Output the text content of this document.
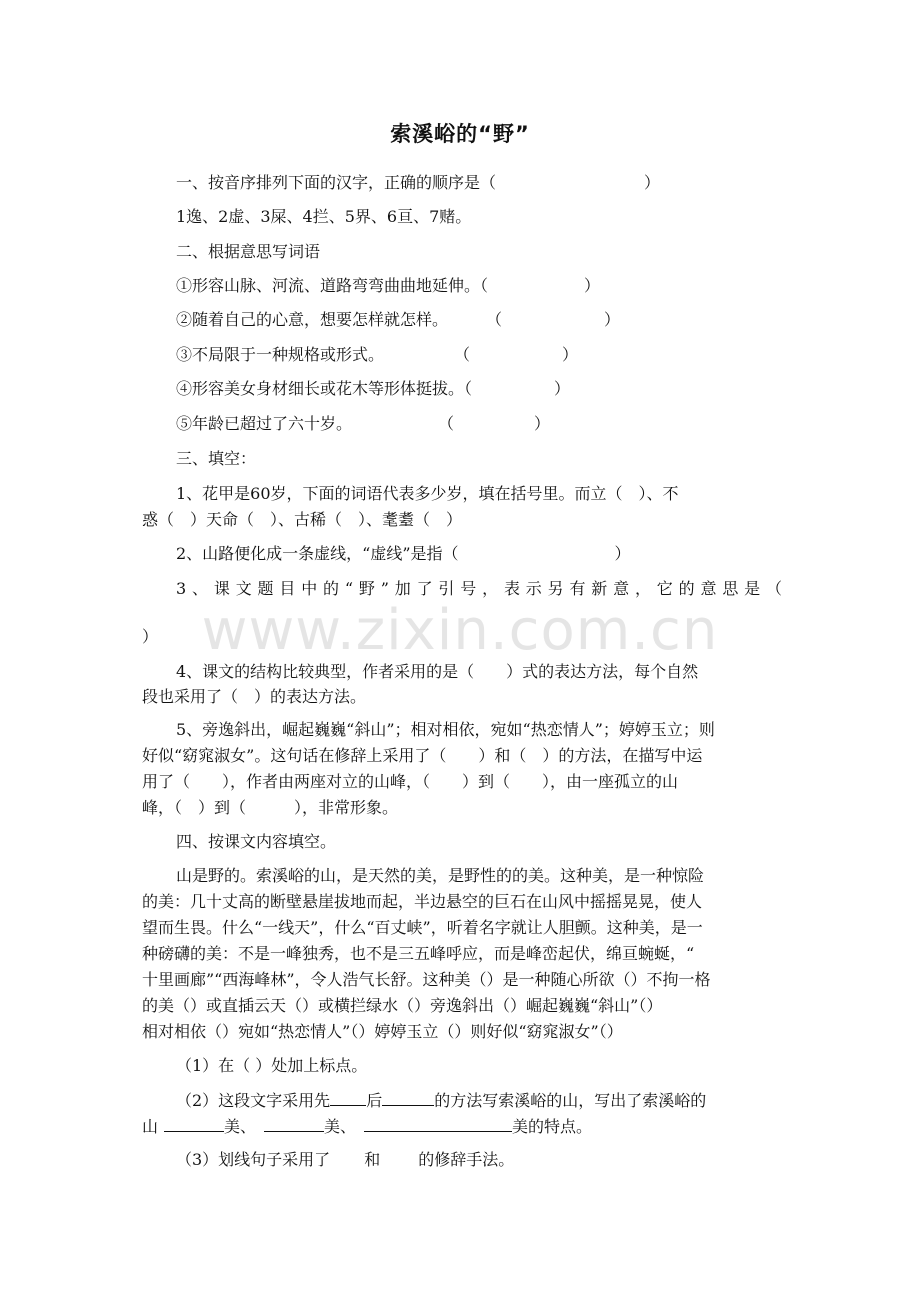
索溪峪的“野”
一、按音序排列下面的汉字，正确的顺序是（	）
1逸、2虚、3屎、4拦、5界、6亘、7赌。
二、根据意思写词语
①形容山脉、河流、道路弯弯曲曲地延伸。（	）
②随着自己的心意，想要怎样就怎样。 （	）
③不局限于一种规格或形式。	（	）
④形容美女身材细长或花木等形体挺拔。（	）
⑤年龄已超过了六十岁。	（	）
三、填空：
1、花甲是60岁，下面的词语代表多少岁，填在括号里。而立（　）、不
惑（　）天命（　）、古稀（　）、耄耋（　）
2、山路便化成一条虚线，“虚线”是指（	）
3、课文题目中的“野”加了引号，表示另有新意，它的意思是（
）
4、课文的结构比较典型，作者采用的是（　　）式的表达方法，每个自然
段也采用了（　）的表达方法。
5、旁逸斜出，崛起巍巍“斜山”；相对相依，宛如“热恋情人”；婷婷玉立；则
好似“窈窕淑女”。这句话在修辞上采用了（　　）和（　）的方法，在描写中运
用了（　　），作者由两座对立的山峰，（　　）到（　　），由一座孤立的山
峰，（　）到（　　　），非常形象。
四、按课文内容填空。
山是野的。索溪峪的山，是天然的美，是野性的的美。这种美，是一种惊险
的美：几十丈高的断壁悬崖拔地而起，半边悬空的巨石在山风中摇摇晃晃，使人
望而生畏。什么“一线天”，什么“百丈峡”，听着名字就让人胆颤。这种美，是一
种磅礴的美：不是一峰独秀，也不是三五峰呼应，而是峰峦起伏，绵亘蜿蜒，“
十里画廊”“西海峰林”，令人浩气长舒。这种美（）是一种随心所欲（）不拘一格
的美（）或直插云天（）或横拦绿水（）旁逸斜出（）崛起巍巍“斜山”（）
相对相依（）宛如“热恋情人”（）婷婷玉立（）则好似“窈窕淑女”（）
（1）在（ ）处加上标点。
（2）这段文字采用先 后	的方法写索溪峪的山，写出了索溪峪的
山	美、	美、	美的特点。
（3）划线句子采用了 和 的修辞手法。
www.zixin.com.cn
